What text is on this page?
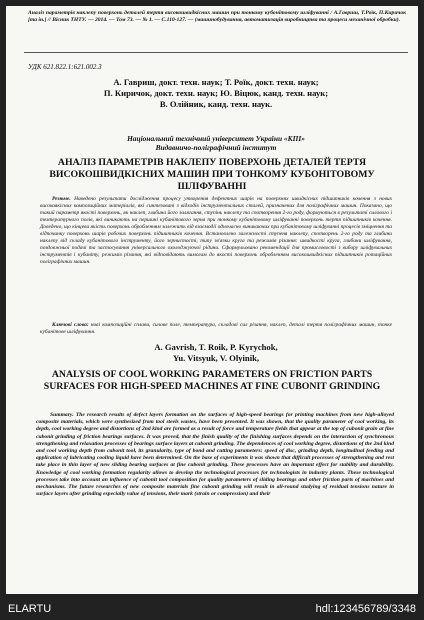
Аналіз параметрів наклепу поверхонь деталей тертя високошвидкісних машин при тонкому кубонітовому шліфуванні / А.Гавриш, Т.Роїк, П.Киричок [та ін.] // Вісник ТНТУ. — 2014. — Том 73. — № 1. — С.110-127. — (машинобудування, автоматизація виробництва та процеси механічної обробки).
УДК 621.822.1:621.002.3
А. Гавриш, докт. техн. наук; Т. Роїк, докт. техн. наук;
П. Киричок, докт. техн. наук; Ю. Віцюк, канд. техн. наук;
В. Олійник, канд. техн. наук.
Національний технічний університет України «КПІ»
Видавничо-поліграфічний інститут
АНАЛІЗ ПАРАМЕТРІВ НАКЛЕПУ ПОВЕРХОНЬ ДЕТАЛЕЙ ТЕРТЯ ВИСОКОШВИДКІСНИХ МАШИН ПРИ ТОНКОМУ КУБОНІТОВОМУ ШЛІФУВАННІ
Резюме. Наведено результати дослідження процесу утворення дефектних шарів на поверхнях швидкісних підшипників кочення з нових високоякісних композиційних матеріалів, які синтезовані з відходів інструментальних сталей, призначених для поліграфічних машин. Показано, що такий параметр якості поверхонь, як наклеп, глибина його залягання, ступінь наклепу та спотворення 2-го роду, формуються в результаті силового і температурного полів, які виникають на першині кубанітового зерна при тонкому кубанітовому шліфуванні поверхонь тертя підшипників кочення. Доведено, що кінцева якість поверхонь обробленням залежить від взаємодії одночасно виникаючих при кубанітовому шліфуванні процесів зміцнення та відпочинку поверхонь шарів робочих поверхонь підшипників кочення. Встановлено залежності ступеня наклепу, спотворень 2-го роду та глибини наклепу від складу кубанітового інструменту, його зернистості, типу зв'язки круга та режимів різання: швидкості круга, глибини шліфування, поздовжньої подачі та застосування універсального охолоджуючої рідини. Сформульовано рекомендації для промисловості з вибору шліфувальних інструментів і кубаніту, режимів різання, які відповідають вимогам до якості поверхонь обробленням високошвидкісних підшипників ротаційних поліграфічних машин.
Ключові слова: нові композиційні сплави, силове поле, температура, складові сил різання, наклеп, деталі тертя поліграфічних машин, тонке кубанітове шліфування.
A. Gavrish, T. Roik, P. Kyrychok,
Yu. Vitsyuk, V. Olyinik,
ANALYSIS OF COOL WORKING PARAMETERS ON FRICTION PARTS SURFACES FOR HIGH-SPEED MACHINES AT FINE CUBONIT GRINDING
Summary. The research results of defect layers formation on the surfaces of high-speed bearings for printing machines from new high-alloyed composite materials, which were synthesized from tool steels wastes, have been presented. It was shown, that the quality parameter of cool working, its depth, cool working degree and distortions of 2nd kind are formed as a result of force and temperature fields that appear at the top of cubonit grain at fine cubonit grinding of friction bearings surfaces. It was proved, that the finish quality of the finishing surfaces depends on the interaction of synchronous strengthening and relaxation processes of bearings surface layers at cubonit grinding. The dependences of cool working degree, distortions of the 2nd kind and cool working depth from cubonit tool, its granularity, type of bond and cutting parameters: speed of disc, grinding depth, longitudinal feeding and application of lubricating cooling liquid have been determined. On the base of experiments it was shown that difficult processes of strengthening and rest take place in thin layer of new sliding bearing surfaces at fine cubonit grinding. These processes have an important effect for stability and durability. Knowledge of cool working formation regularity allows to develop the technological processes for technologists in industry plants. These technological processes take into account an influence of cubonit tool composition for quality parameters of sliding bearings and other friction parts of machines and mechanisms. The future researches of new composite materials fine cubonit grinding will result in all-round studying of residual tensions nature in surface layers after grinding especially value of tensions, their mark (strain or compression) and their
ELARTU	hdl:123456789/3348
